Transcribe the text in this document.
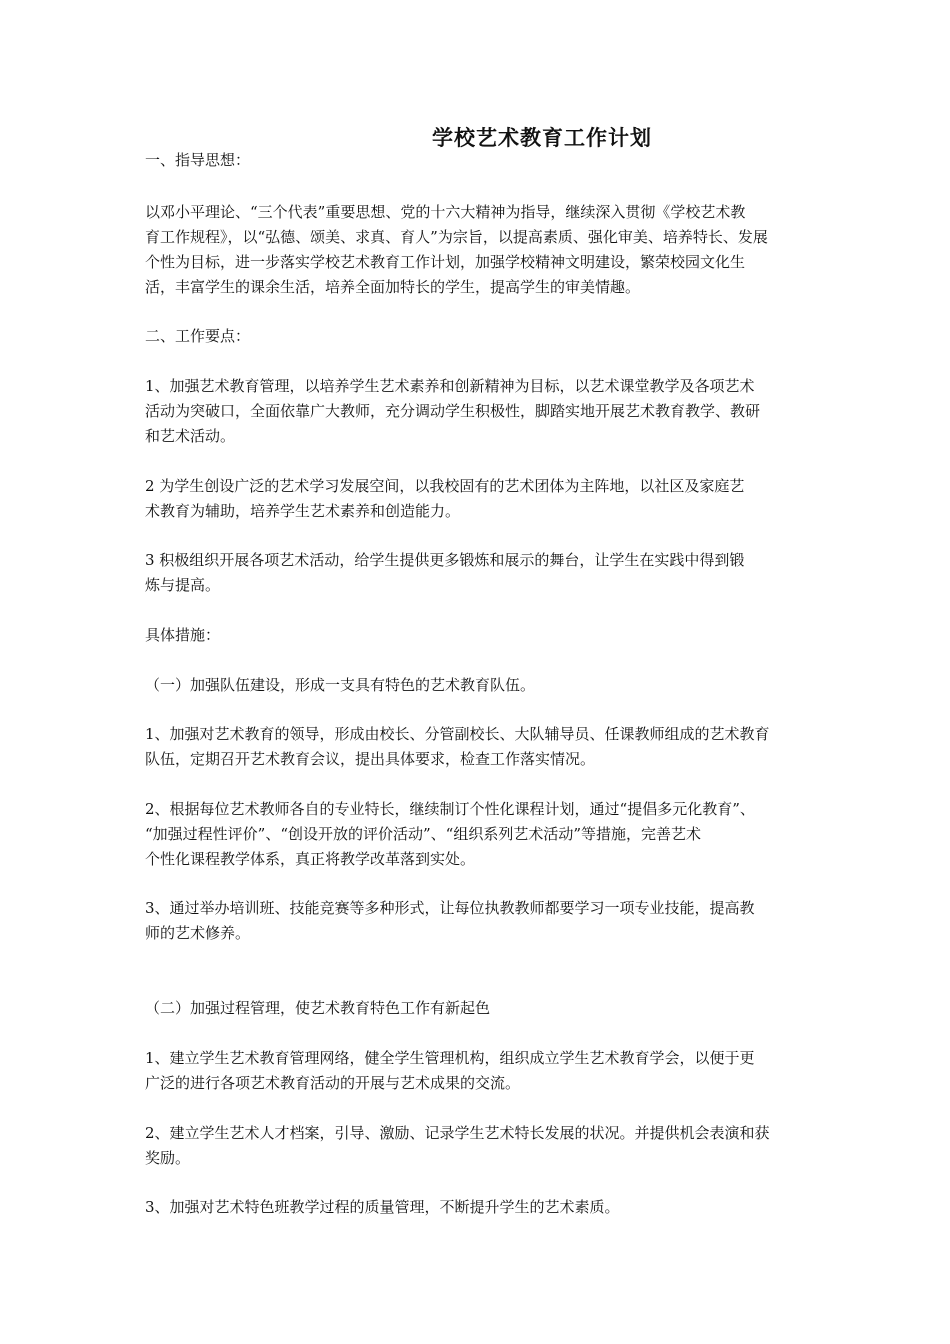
学校艺术教育工作计划
一、指导思想：
以邓小平理论、“三个代表”重要思想、党的十六大精神为指导，继续深入贯彻《学校艺术教
育工作规程》，以“弘德、颂美、求真、育人”为宗旨，以提高素质、强化审美、培养特长、发展
个性为目标，进一步落实学校艺术教育工作计划，加强学校精神文明建设，繁荣校园文化生
活，丰富学生的课余生活，培养全面加特长的学生，提高学生的审美情趣。
二、工作要点：
1、加强艺术教育管理，以培养学生艺术素养和创新精神为目标，以艺术课堂教学及各项艺术
活动为突破口，全面依靠广大教师，充分调动学生积极性，脚踏实地开展艺术教育教学、教研
和艺术活动。
2 为学生创设广泛的艺术学习发展空间，以我校固有的艺术团体为主阵地，以社区及家庭艺
术教育为辅助，培养学生艺术素养和创造能力。
3 积极组织开展各项艺术活动，给学生提供更多锻炼和展示的舞台，让学生在实践中得到锻
炼与提高。
具体措施：
（一）加强队伍建设，形成一支具有特色的艺术教育队伍。
1、加强对艺术教育的领导，形成由校长、分管副校长、大队辅导员、任课教师组成的艺术教育
队伍，定期召开艺术教育会议，提出具体要求，检查工作落实情况。
2、根据每位艺术教师各自的专业特长，继续制订个性化课程计划，通过“提倡多元化教育”、
“加强过程性评价”、“创设开放的评价活动”、“组织系列艺术活动”等措施，完善艺术
个性化课程教学体系，真正将教学改革落到实处。
3、通过举办培训班、技能竞赛等多种形式，让每位执教教师都要学习一项专业技能，提高教
师的艺术修养。
（二）加强过程管理，使艺术教育特色工作有新起色
1、建立学生艺术教育管理网络，健全学生管理机构，组织成立学生艺术教育学会，以便于更
广泛的进行各项艺术教育活动的开展与艺术成果的交流。
2、建立学生艺术人才档案，引导、激励、记录学生艺术特长发展的状况。并提供机会表演和获
奖励。
3、加强对艺术特色班教学过程的质量管理，不断提升学生的艺术素质。
